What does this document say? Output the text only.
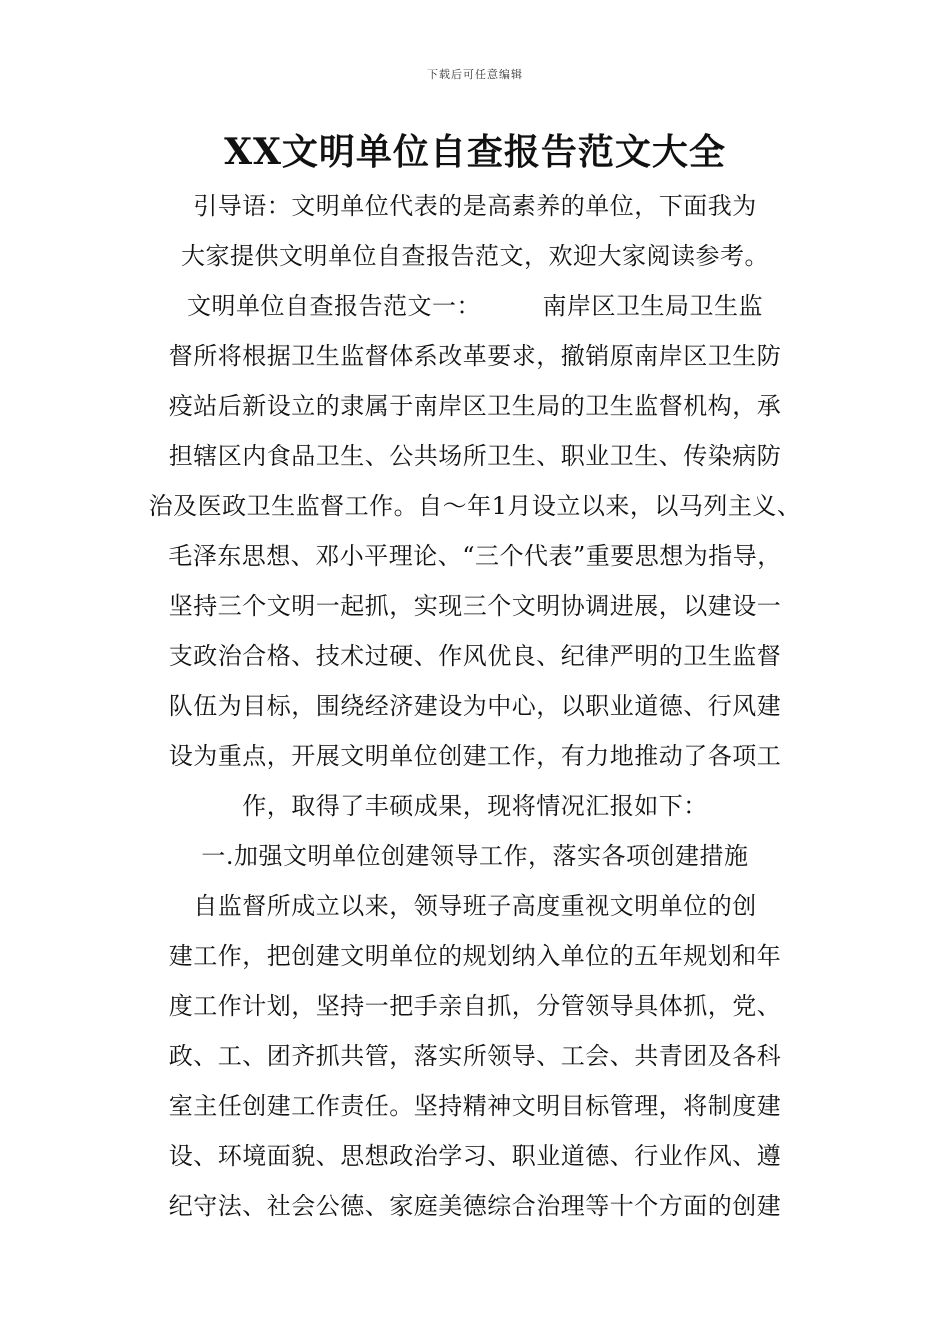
下载后可任意编辑
XX文明单位自查报告范文大全
引导语：文明单位代表的是高素养的单位，下面我为
大家提供文明单位自查报告范文，欢迎大家阅读参考。
文明单位自查报告范文一：　　　南岸区卫生局卫生监
督所将根据卫生监督体系改革要求，撤销原南岸区卫生防
疫站后新设立的隶属于南岸区卫生局的卫生监督机构，承
担辖区内食品卫生、公共场所卫生、职业卫生、传染病防
治及医政卫生监督工作。自～年1月设立以来，以马列主义、
毛泽东思想、邓小平理论、“三个代表”重要思想为指导，
坚持三个文明一起抓，实现三个文明协调进展，以建设一
支政治合格、技术过硬、作风优良、纪律严明的卫生监督
队伍为目标，围绕经济建设为中心，以职业道德、行风建
设为重点，开展文明单位创建工作，有力地推动了各项工
作，取得了丰硕成果，现将情况汇报如下：
一.加强文明单位创建领导工作，落实各项创建措施
自监督所成立以来，领导班子高度重视文明单位的创
建工作，把创建文明单位的规划纳入单位的五年规划和年
度工作计划，坚持一把手亲自抓，分管领导具体抓，党、
政、工、团齐抓共管，落实所领导、工会、共青团及各科
室主任创建工作责任。坚持精神文明目标管理，将制度建
设、环境面貌、思想政治学习、职业道德、行业作风、遵
纪守法、社会公德、家庭美德综合治理等十个方面的创建
